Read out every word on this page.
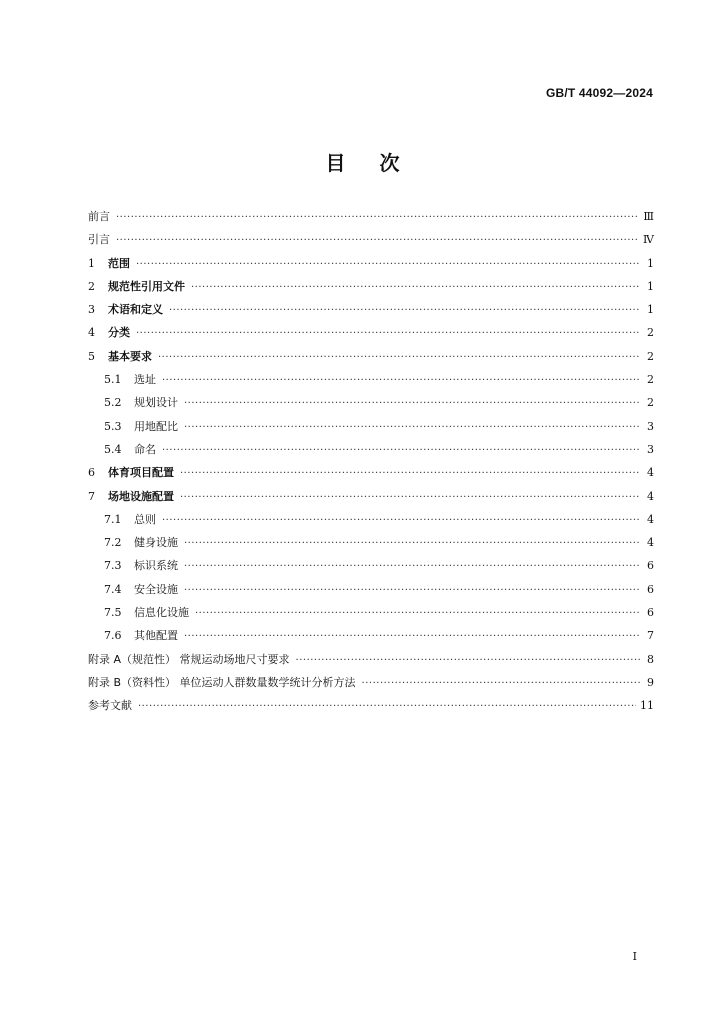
GB/T 44092—2024
目次
前言 ·····	Ⅲ
引言 ·····	Ⅳ
1	范围 ·····	1
2	规范性引用文件 ·····	1
3	术语和定义 ·····	1
4	分类 ·····	2
5	基本要求 ·····	2
5.1	选址 ·····	2
5.2	规划设计 ·····	2
5.3	用地配比 ·····	3
5.4	命名 ·····	3
6	体育项目配置 ·····	4
7	场地设施配置 ·····	4
7.1	总则 ·····	4
7.2	健身设施 ·····	4
7.3	标识系统 ·····	6
7.4	安全设施 ·····	6
7.5	信息化设施 ·····	6
7.6	其他配置 ·····	7
附录 A（规范性） 常规运动场地尺寸要求 ·····	8
附录 B（资料性） 单位运动人群数量数学统计分析方法 ·····	9
参考文献 ·····	11
I
